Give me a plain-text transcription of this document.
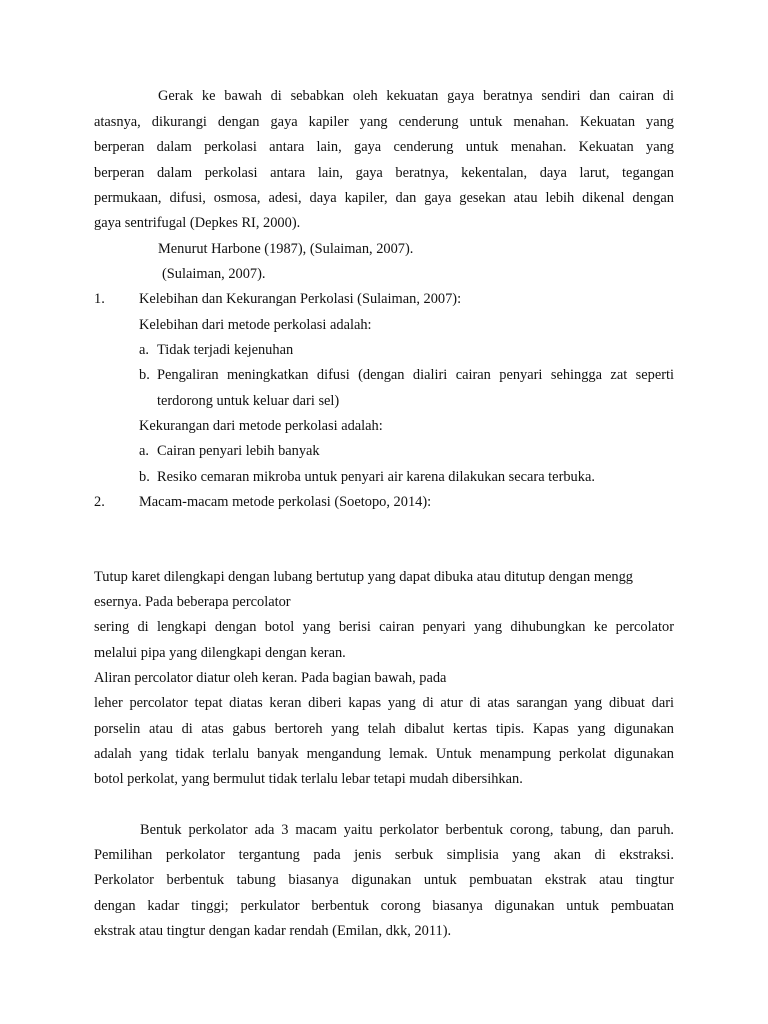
Gerak ke bawah di sebabkan oleh kekuatan gaya beratnya sendiri dan cairan di
atasnya, dikurangi dengan gaya kapiler yang cenderung untuk menahan. Kekuatan yang
berperan dalam perkolasi antara lain, gaya cenderung untuk menahan. Kekuatan yang
berperan dalam perkolasi antara lain, gaya beratnya, kekentalan, daya larut, tegangan
permukaan, difusi, osmosa, adesi, daya kapiler, dan gaya gesekan atau lebih dikenal dengan
gaya sentrifugal (Depkes RI, 2000).
Menurut Harbone (1987), (Sulaiman, 2007).
(Sulaiman, 2007).
1. Kelebihan dan Kekurangan Perkolasi (Sulaiman, 2007):
Kelebihan dari metode perkolasi adalah:
a. Tidak terjadi kejenuhan
b. Pengaliran meningkatkan difusi (dengan dialiri cairan penyari sehingga zat seperti
terdorong untuk keluar dari sel)
Kekurangan dari metode perkolasi adalah:
a. Cairan penyari lebih banyak
b. Resiko cemaran mikroba untuk penyari air karena dilakukan secara terbuka.
2. Macam-macam metode perkolasi (Soetopo, 2014):
Tutup karet dilengkapi dengan lubang bertutup yang dapat dibuka atau ditutup dengan mengg
esernya. Pada beberapa percolator
sering di lengkapi dengan botol yang berisi cairan penyari yang dihubungkan ke percolator
melalui pipa yang dilengkapi dengan keran.
Aliran percolator diatur oleh keran. Pada bagian bawah, pada
leher percolator tepat diatas keran diberi kapas yang di atur di atas sarangan yang dibuat dari
porselin atau di atas gabus bertoreh yang telah dibalut kertas tipis. Kapas yang digunakan
adalah yang tidak terlalu banyak mengandung lemak. Untuk menampung perkolat digunakan
botol perkolat, yang bermulut tidak terlalu lebar tetapi mudah dibersihkan.
Bentuk perkolator ada 3 macam yaitu perkolator berbentuk corong, tabung, dan paruh.
Pemilihan perkolator tergantung pada jenis serbuk simplisia yang akan di ekstraksi.
Perkolator berbentuk tabung biasanya digunakan untuk pembuatan ekstrak atau tingtur
dengan kadar tinggi; perkulator berbentuk corong biasanya digunakan untuk pembuatan
ekstrak atau tingtur dengan kadar rendah (Emilan, dkk, 2011).
